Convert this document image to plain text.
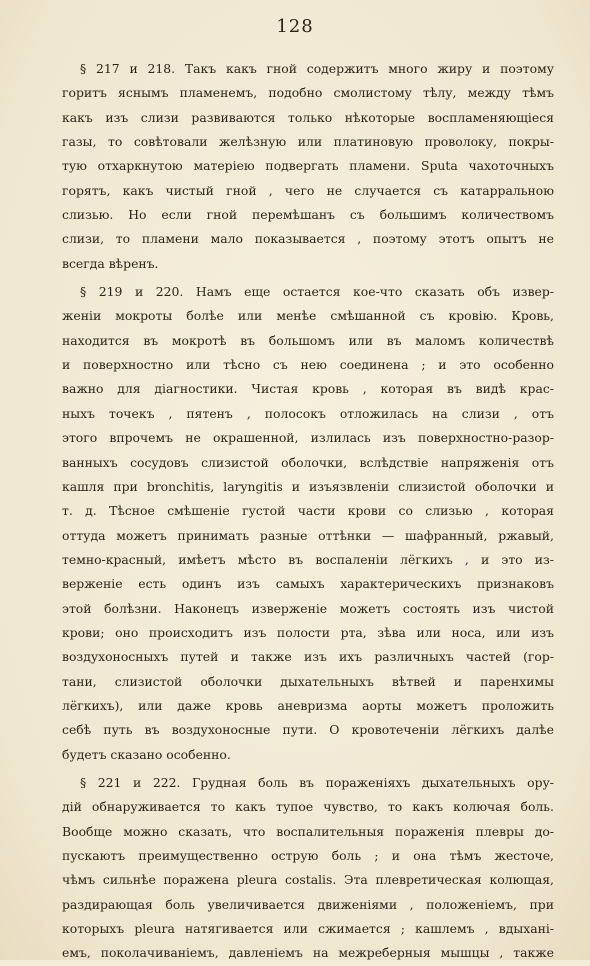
128
§ 217 и 218. Такъ какъ гной содержитъ много жиру и поэтому
горитъ яснымъ пламенемъ, подобно смолистому тѣлу, между тѣмъ
какъ изъ слизи развиваются только нѣкоторые воспламеняющiеся
газы, то совѣтовали желѣзную или платиновую проволоку, покры-
тую отхаркнутою матерiею подвергать пламени. Sputa чахоточныхъ
горятъ, какъ чистый гной , чего не случается съ катарральною
слизью. Но если гной перемѣшанъ съ большимъ количествомъ
слизи, то пламени мало показывается , поэтому этотъ опытъ не
всегда вѣренъ.
§ 219 и 220. Намъ еще остается кое-что сказать объ извер-
женiи мокроты болѣе или менѣе смѣшанной съ кровiю. Кровь,
находится въ мокротѣ въ большомъ или въ маломъ количествѣ
и поверхностно или тѣсно съ нею соединена ; и это особенно
важно для дiагностики. Чистая кровь , которая въ видѣ крас-
ныхъ точекъ , пятенъ , полосокъ отложилась на слизи , отъ
этого впрочемъ не окрашенной, излилась изъ поверхностно-разор-
ванныхъ сосудовъ слизистой оболочки, вслѣдствiе напряженiя отъ
кашля при bronchitis, laryngitis и изъязвленiи слизистой оболочки и
т. д. Тѣсное смѣшенiе густой части крови со слизью , которая
оттуда можетъ принимать разные оттѣнки — шафранный, ржавый,
темно-красный, имѣетъ мѣсто въ воспаленiи лёгкихъ , и это из-
верженiе есть одинъ изъ самыхъ характерическихъ признаковъ
этой болѣзни. Наконецъ изверженiе можетъ состоять изъ чистой
крови; оно происходитъ изъ полости рта, зѣва или носа, или изъ
воздухоносныхъ путей и также изъ ихъ различныхъ частей (гор-
тани, слизистой оболочки дыхательныхъ вѣтвей и паренхимы
лёгкихъ), или даже кровь аневризма аорты можетъ проложить
себѣ путь въ воздухоносные пути. О кровотеченiи лёгкихъ далѣе
будетъ сказано особенно.
§ 221 и 222. Грудная боль въ пораженiяхъ дыхательныхъ ору-
дiй обнаруживается то какъ тупое чувство, то какъ колючая боль.
Вообще можно сказать, что воспалительныя пораженiя плевры до-
пускаютъ преимущественно острую боль ; и она тѣмъ жесточе,
чѣмъ сильнѣе поражена pleura costalis. Эта плевретическая колющая,
раздирающая боль увеличивается движенiями , положенiемъ, при
которыхъ pleura натягивается или сжимается ; кашлемъ , вдыханi-
емъ, поколачиванiемъ, давленiемъ на межреберныя мышцы , также
